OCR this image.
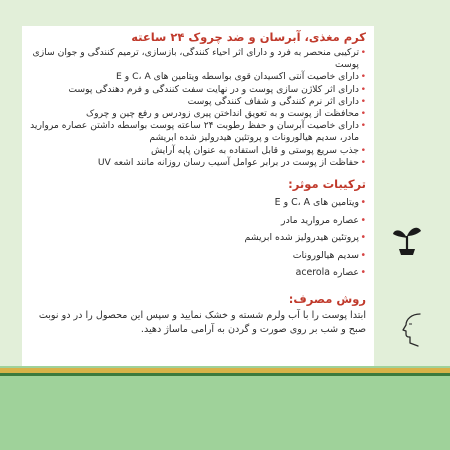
کرم مغذی، آبرسان و ضد چروک ۲۴ ساعته
• ترکیبی منحصر به فرد و دارای اثر احیاء کنندگی، بازسازی، ترمیم کنندگی و جوان سازی پوست
• دارای خاصیت آنتی اکسیدان قوی بواسطه ویتامین های C، A و E
• دارای اثر کلاژن سازی پوست و در نهایت سفت کنندگی و فرم دهندگی پوست
• دارای اثر نرم کنندگی و شفاف کنندگی پوست
• محافظت از پوست و به تعویق انداختن پیری زودرس و رفع چین و چروک
• دارای خاصیت آبرسان و حفظ رطوبت ۲۴ ساعته پوست بواسطه داشتن عصاره مروارید مادر، سدیم هیالورونات و پروتئین هیدرولیز شده ابریشم
• جذب سریع پوستی و قابل استفاده به عنوان پایه آرایش
• حفاظت از پوست در برابر عوامل آسیب رسان روزانه مانند اشعه UV
ترکیبات موثر:
• ویتامین های C، A و E
• عصاره مروارید مادر
• پروتئین هیدرولیز شده ابریشم
• سدیم هیالورونات
• عصاره acerola
روش مصرف:

ابتدا پوست را با آب ولرم شسته و خشک نمایید و سپس این محصول را در دو نوبت صبح و شب بر روی صورت و گردن به آرامی ماساژ دهید.
